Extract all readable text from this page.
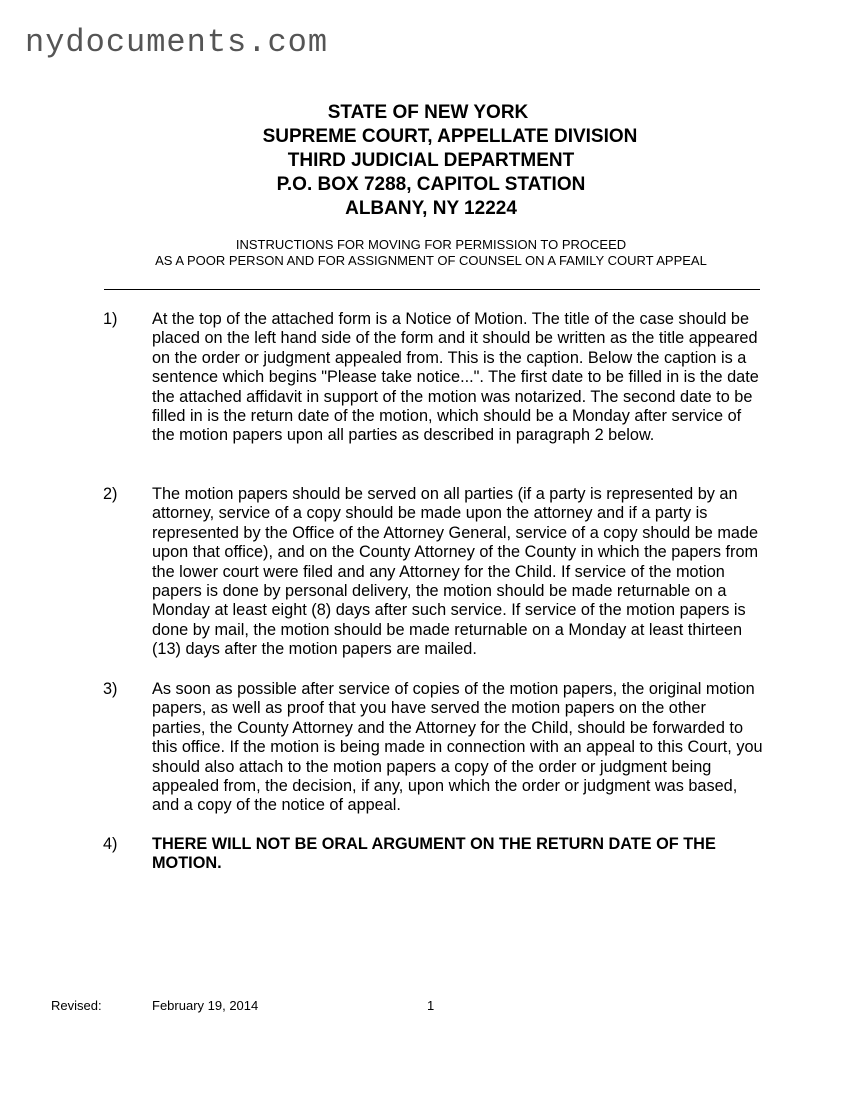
nydocuments.com
STATE OF NEW YORK
SUPREME COURT, APPELLATE DIVISION
THIRD JUDICIAL DEPARTMENT
P.O. BOX 7288, CAPITOL STATION
ALBANY, NY 12224
INSTRUCTIONS FOR MOVING FOR PERMISSION TO PROCEED
AS A POOR PERSON AND FOR ASSIGNMENT OF COUNSEL ON A FAMILY COURT APPEAL
1) At the top of the attached form is a Notice of Motion. The title of the case should be placed on the left hand side of the form and it should be written as the title appeared on the order or judgment appealed from. This is the caption. Below the caption is a sentence which begins "Please take notice...". The first date to be filled in is the date the attached affidavit in support of the motion was notarized. The second date to be filled in is the return date of the motion, which should be a Monday after service of the motion papers upon all parties as described in paragraph 2 below.
2) The motion papers should be served on all parties (if a party is represented by an attorney, service of a copy should be made upon the attorney and if a party is represented by the Office of the Attorney General, service of a copy should be made upon that office), and on the County Attorney of the County in which the papers from the lower court were filed and any Attorney for the Child. If service of the motion papers is done by personal delivery, the motion should be made returnable on a Monday at least eight (8) days after such service. If service of the motion papers is done by mail, the motion should be made returnable on a Monday at least thirteen (13) days after the motion papers are mailed.
3) As soon as possible after service of copies of the motion papers, the original motion papers, as well as proof that you have served the motion papers on the other parties, the County Attorney and the Attorney for the Child, should be forwarded to this office. If the motion is being made in connection with an appeal to this Court, you should also attach to the motion papers a copy of the order or judgment being appealed from, the decision, if any, upon which the order or judgment was based, and a copy of the notice of appeal.
4) THERE WILL NOT BE ORAL ARGUMENT ON THE RETURN DATE OF THE MOTION.
Revised:	February 19, 2014	1
